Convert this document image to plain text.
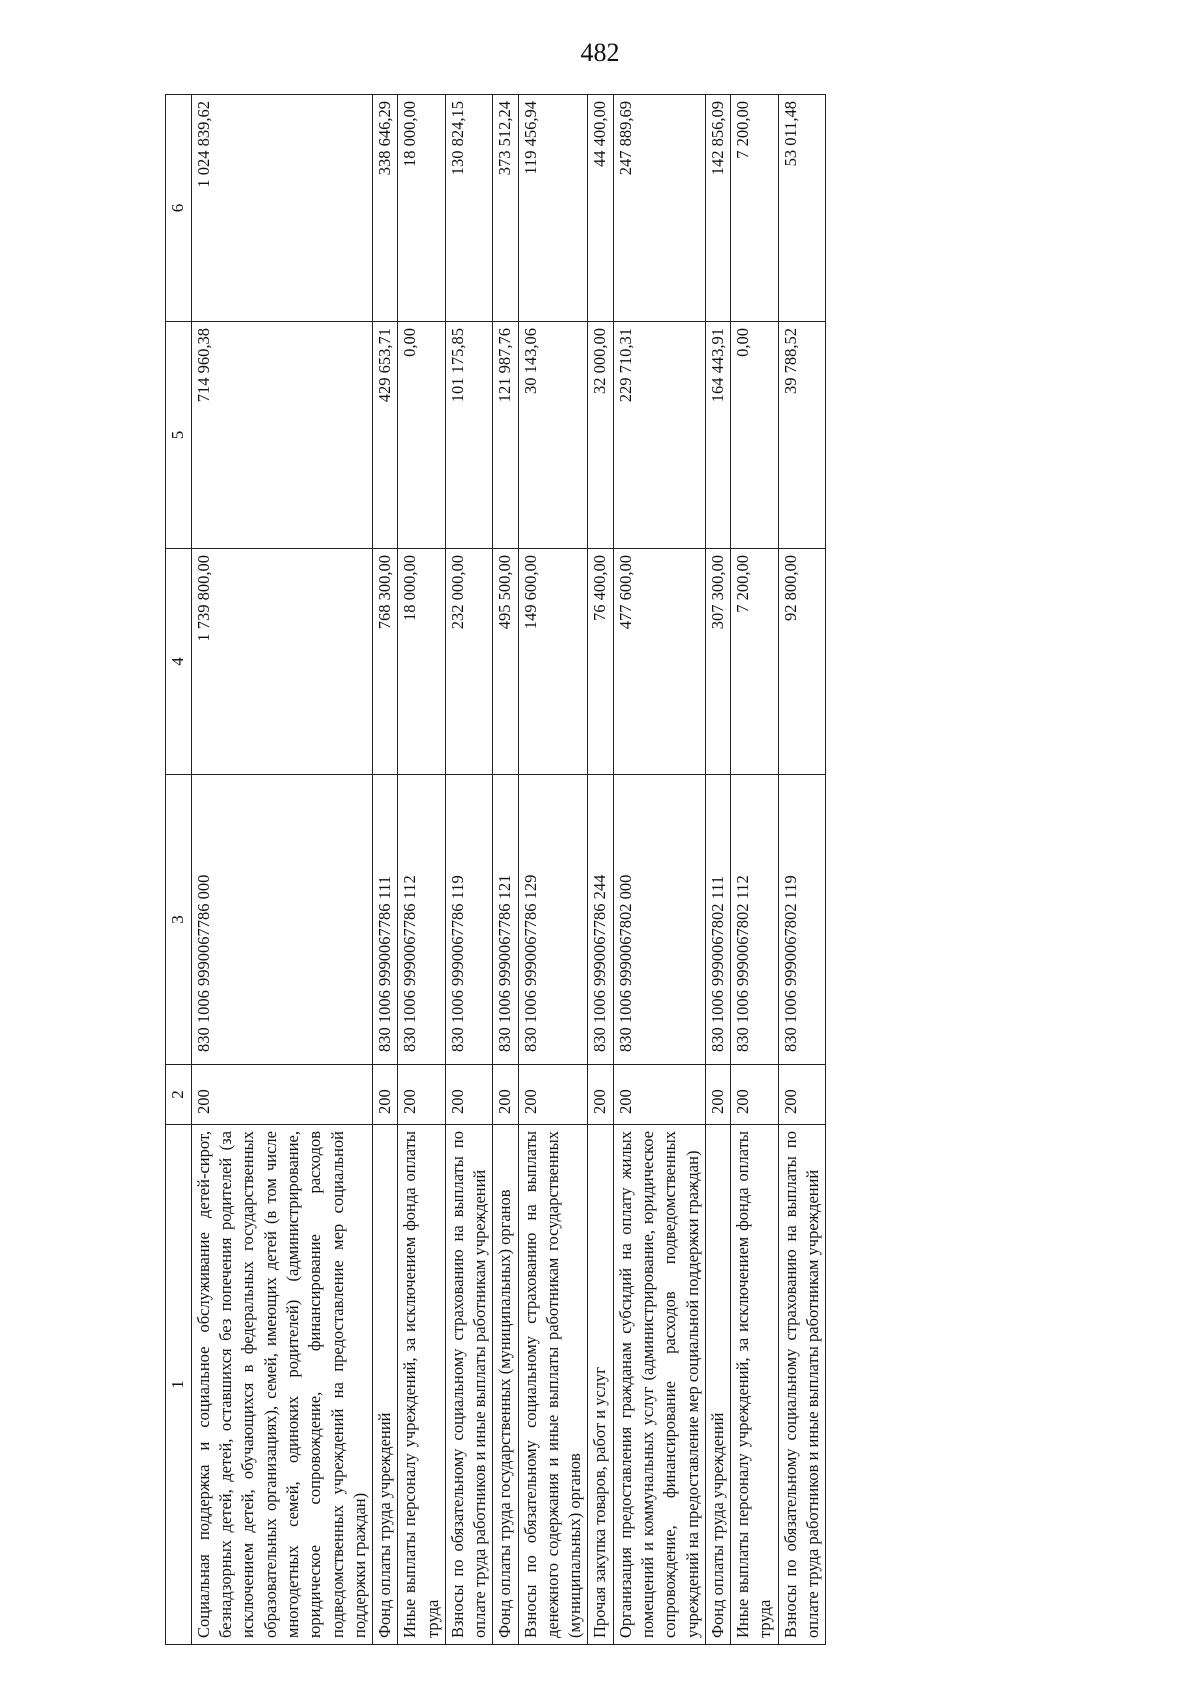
482
1	2	3	4	5	6
Социальная поддержка и социальное обслуживание детей-сирот, безнадзорных детей, детей, оставшихся без попечения родителей (за исключением детей, обучающихся в федеральных государственных образовательных организациях), семей, имеющих детей (в том числе многодетных семей, одиноких родителей) (администрирование, юридическое сопровождение, финансирование расходов подведомственных учреждений на предоставление мер социальной поддержки граждан)	200	830 1006 9990067786 000	1 739 800,00	714 960,38	1 024 839,62
Фонд оплаты труда учреждений	200	830 1006 9990067786 111	768 300,00	429 653,71	338 646,29
Иные выплаты персоналу учреждений, за исключением фонда оплаты труда	200	830 1006 9990067786 112	18 000,00	0,00	18 000,00
Взносы по обязательному социальному страхованию на выплаты по оплате труда работников и иные выплаты работникам учреждений	200	830 1006 9990067786 119	232 000,00	101 175,85	130 824,15
Фонд оплаты труда государственных (муниципальных) органов	200	830 1006 9990067786 121	495 500,00	121 987,76	373 512,24
Взносы по обязательному социальному страхованию на выплаты денежного содержания и иные выплаты работникам государственных (муниципальных) органов	200	830 1006 9990067786 129	149 600,00	30 143,06	119 456,94
Прочая закупка товаров, работ и услуг	200	830 1006 9990067786 244	76 400,00	32 000,00	44 400,00
Организация предоставления гражданам субсидий на оплату жилых помещений и коммунальных услуг (администрирование, юридическое сопровождение, финансирование расходов подведомственных учреждений на предоставление мер социальной поддержки граждан)	200	830 1006 9990067802 000	477 600,00	229 710,31	247 889,69
Фонд оплаты труда учреждений	200	830 1006 9990067802 111	307 300,00	164 443,91	142 856,09
Иные выплаты персоналу учреждений, за исключением фонда оплаты труда	200	830 1006 9990067802 112	7 200,00	0,00	7 200,00
Взносы по обязательному социальному страхованию на выплаты по оплате труда работников и иные выплаты работникам учреждений	200	830 1006 9990067802 119	92 800,00	39 788,52	53 011,48
